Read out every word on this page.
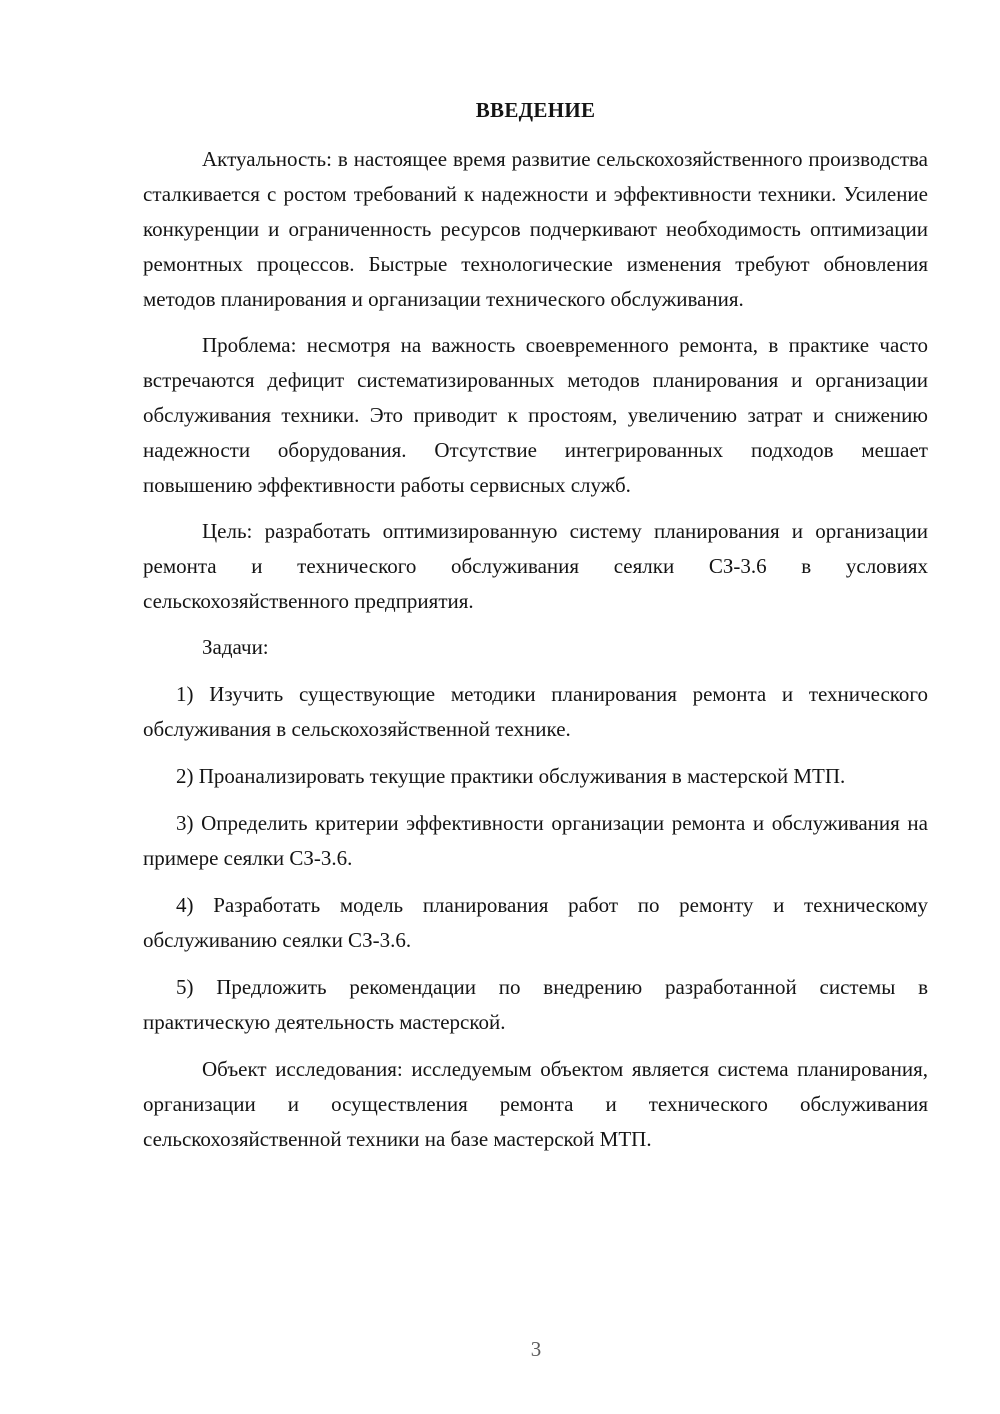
ВВЕДЕНИЕ

Актуальность: в настоящее время развитие сельскохозяйственного производства сталкивается с ростом требований к надежности и эффективности техники. Усиление конкуренции и ограниченность ресурсов подчеркивают необходимость оптимизации ремонтных процессов. Быстрые технологические изменения требуют обновления методов планирования и организации технического обслуживания.

Проблема: несмотря на важность своевременного ремонта, в практике часто встречаются дефицит систематизированных методов планирования и организации обслуживания техники. Это приводит к простоям, увеличению затрат и снижению надежности оборудования. Отсутствие интегрированных подходов мешает повышению эффективности работы сервисных служб.

Цель: разработать оптимизированную систему планирования и организации ремонта и технического обслуживания сеялки СЗ-3.6 в условиях сельскохозяйственного предприятия.

Задачи:

1) Изучить существующие методики планирования ремонта и технического обслуживания в сельскохозяйственной технике.

2) Проанализировать текущие практики обслуживания в мастерской МТП.

3) Определить критерии эффективности организации ремонта и обслуживания на примере сеялки СЗ-3.6.

4) Разработать модель планирования работ по ремонту и техническому обслуживанию сеялки СЗ-3.6.

5) Предложить рекомендации по внедрению разработанной системы в практическую деятельность мастерской.

Объект исследования: исследуемым объектом является система планирования, организации и осуществления ремонта и технического обслуживания сельскохозяйственной техники на базе мастерской МТП.

3
